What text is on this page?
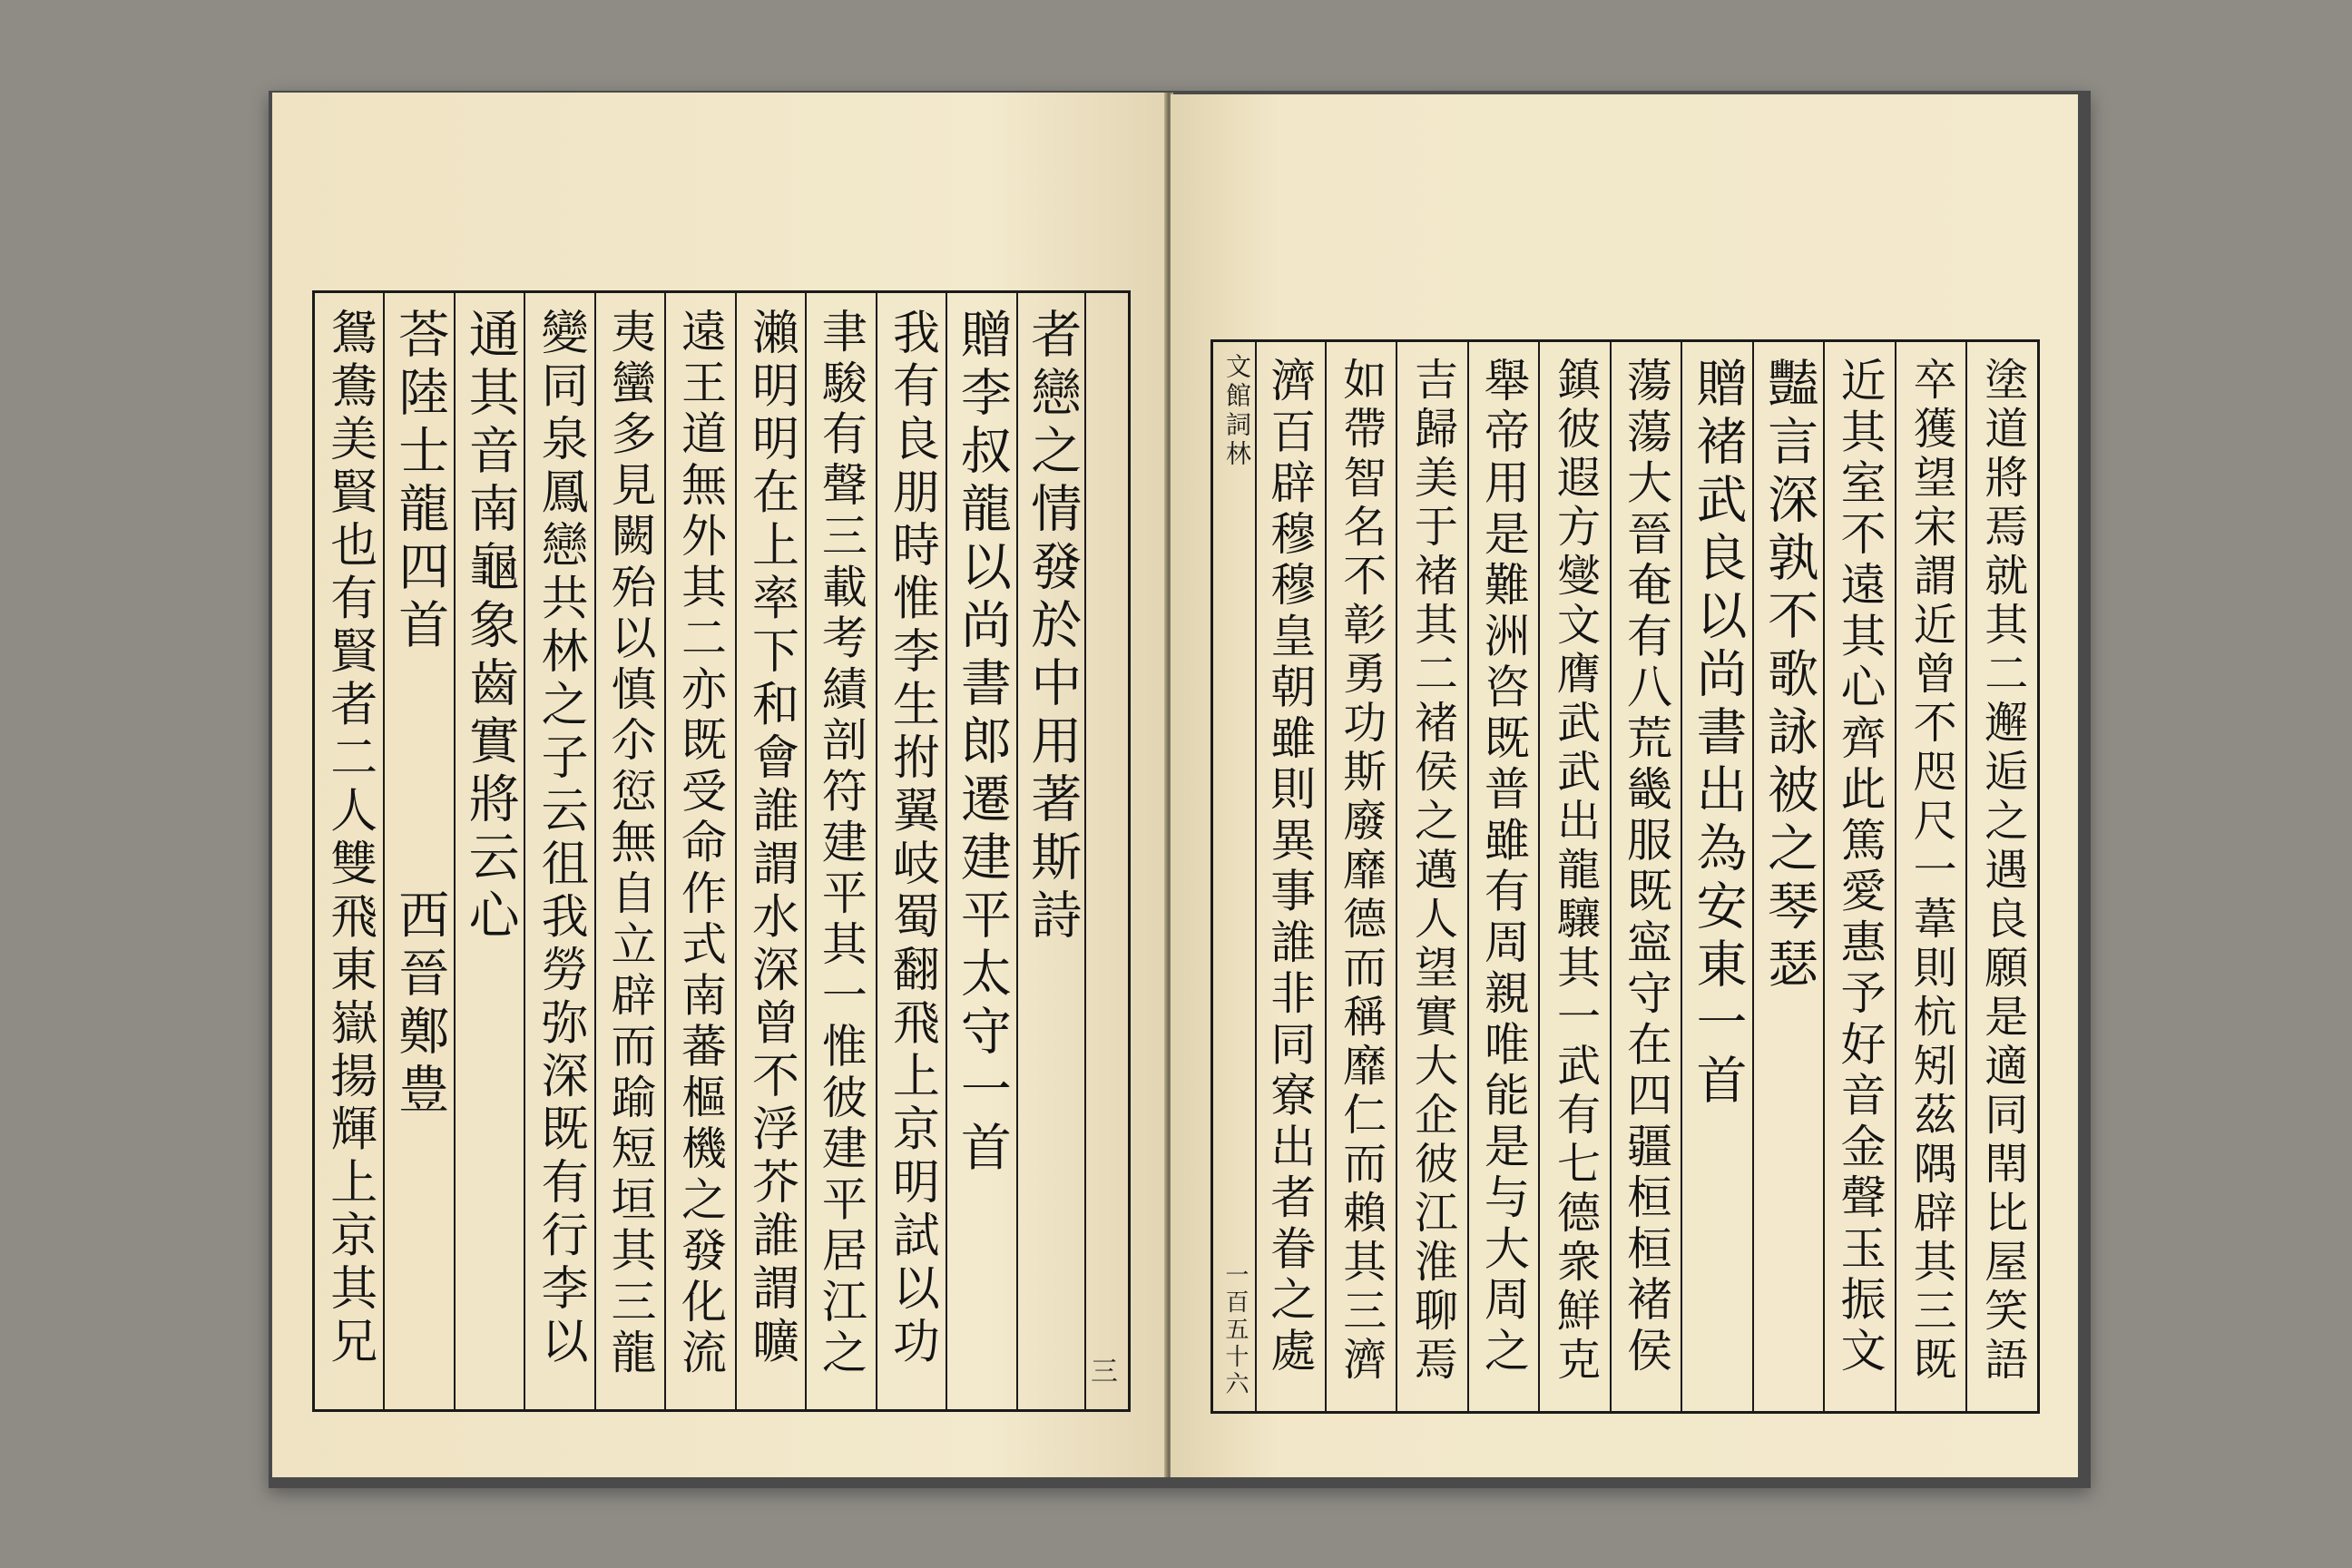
三
者戀之情發於中用著斯詩
贈李叔龍以尚書郎遷建平太守一首
我有良朋時惟李生拊翼岐蜀翻飛上京明試以功
聿駿有聲三載考績剖符建平其一惟彼建平居江之
瀨明明在上率下和會誰謂水深曾不浮芥誰謂曠
遠王道無外其二亦既受命作式南蕃樞機之發化流
夷蠻多見闕殆以慎尒愆無自立辟而踰短垣其三龍
變同泉鳳戀共林之子云徂我勞弥深既有行李以
通其音南龜象齒實將云心
荅陸士龍四首　　　　西晉鄭豊
鴛鴦美賢也有賢者二人雙飛東嶽揚輝上京其兄	文館詞林
一百五十六	塗道將焉就其二邂逅之遇良願是適同閈比屋笑語
卒獲望宋謂近曾不咫尺一葦則杭矧茲隅辟其三既
近其室不遠其心齊此篤愛惠予好音金聲玉振文
豔言深孰不歌詠被之琴瑟
贈褚武良以尚書出為安東一首
蕩蕩大晉奄有八荒畿服既寍守在四疆桓桓褚侯
鎮彼遐方燮文膺武武出龍驤其一武有七德衆鮮克
舉帝用是難洲咨既普雖有周親唯能是与大周之
吉歸美于褚其二褚侯之邁人望實大企彼江淮聊焉
如帶智名不彰勇功斯廢靡德而稱靡仁而賴其三濟
濟百辟穆穆皇朝雖則異事誰非同寮出者眷之處
